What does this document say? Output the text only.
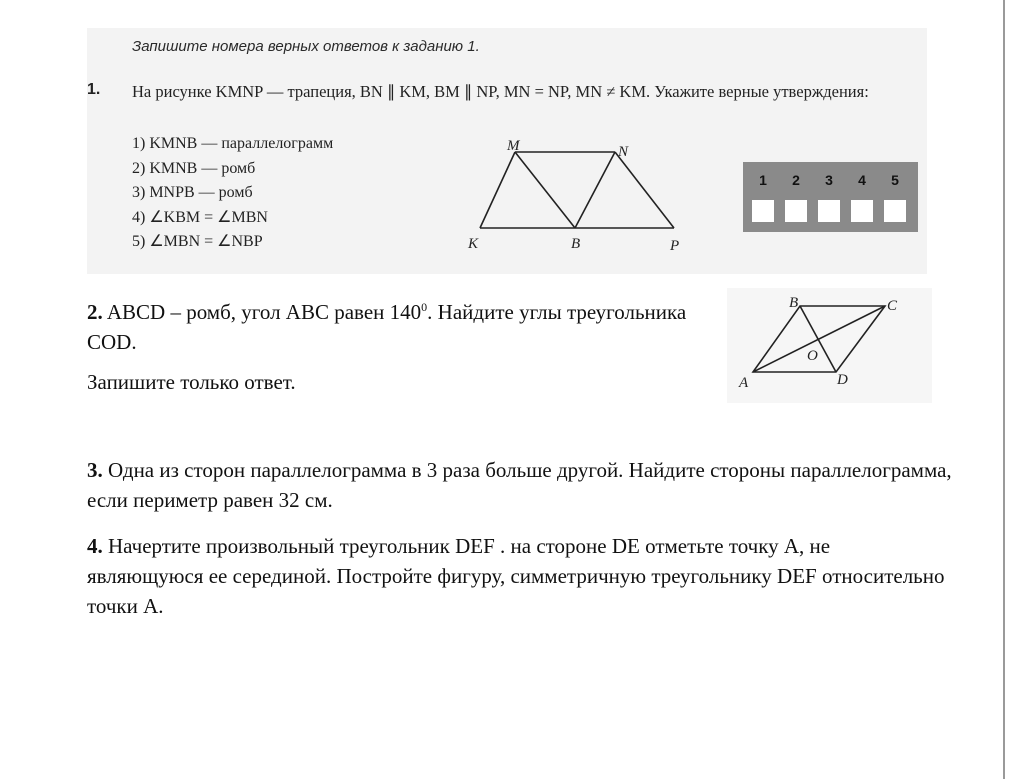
Запишите номера верных ответов к заданию 1.
1. На рисунке KMNP — трапеция, BN ∥ KM, BM ∥ NP, MN = NP, MN ≠ KM. Укажите верные утверждения:
1) KMNB — параллелограмм
2) KMNB — ромб
3) MNPB — ромб
4) ∠KBM = ∠MBN
5) ∠MBN = ∠NBP
M	N
K	B	P
1	2	3	4	5
2. ABCD – ромб, угол ABC равен $140^0$. Найдите углы треугольника COD.
Запишите только ответ.
B	C
O
A	D
3. Одна из сторон параллелограмма в 3 раза больше другой. Найдите стороны параллелограмма, если периметр равен 32 см.
4. Начертите произвольный треугольник DEF . на стороне DE отметьте точку А, не являющуюся ее серединой. Постройте фигуру, симметричную треугольнику DEF относительно точки А.
